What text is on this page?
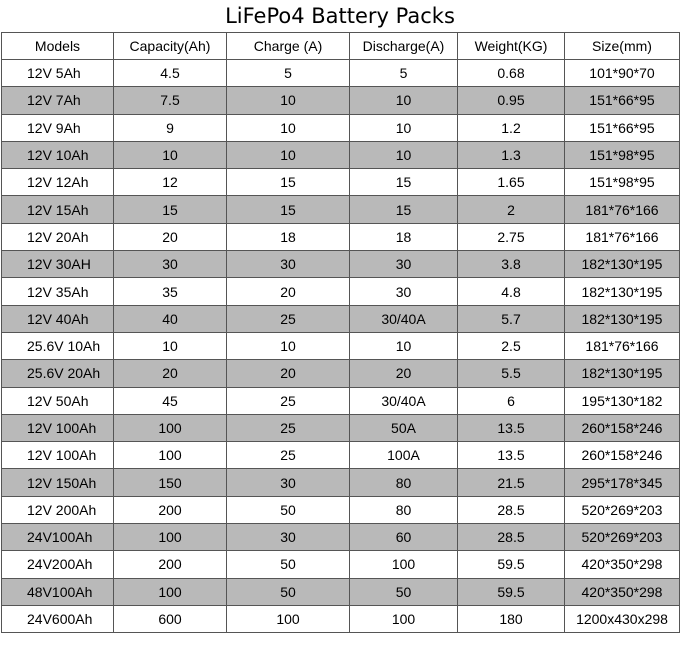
LiFePo4 Battery Packs
Models	Capacity(Ah)	Charge (A)	Discharge(A)	Weight(KG)	Size(mm)
12V 5Ah	4.5	5	5	0.68	101*90*70
12V 7Ah	7.5	10	10	0.95	151*66*95
12V 9Ah	9	10	10	1.2	151*66*95
12V 10Ah	10	10	10	1.3	151*98*95
12V 12Ah	12	15	15	1.65	151*98*95
12V 15Ah	15	15	15	2	181*76*166
12V 20Ah	20	18	18	2.75	181*76*166
12V 30AH	30	30	30	3.8	182*130*195
12V 35Ah	35	20	30	4.8	182*130*195
12V 40Ah	40	25	30/40A	5.7	182*130*195
25.6V 10Ah	10	10	10	2.5	181*76*166
25.6V 20Ah	20	20	20	5.5	182*130*195
12V 50Ah	45	25	30/40A	6	195*130*182
12V 100Ah	100	25	50A	13.5	260*158*246
12V 100Ah	100	25	100A	13.5	260*158*246
12V 150Ah	150	30	80	21.5	295*178*345
12V 200Ah	200	50	80	28.5	520*269*203
24V100Ah	100	30	60	28.5	520*269*203
24V200Ah	200	50	100	59.5	420*350*298
48V100Ah	100	50	50	59.5	420*350*298
24V600Ah	600	100	100	180	1200x430x298
